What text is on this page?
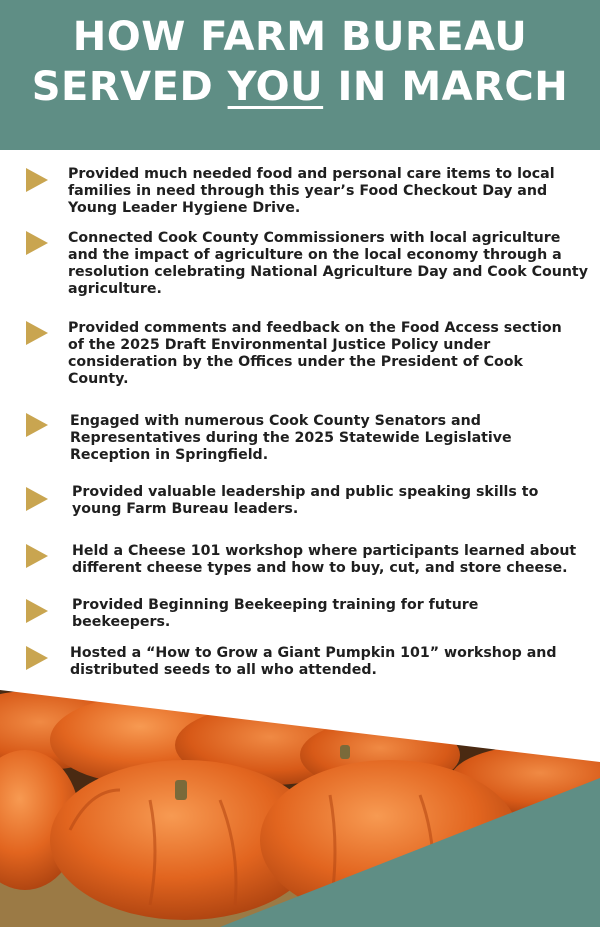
HOW FARM BUREAU
SERVED YOU IN MARCH
Provided much needed food and personal care items to local families in need through this year’s Food Checkout Day and Young Leader Hygiene Drive.
Connected Cook County Commissioners with local agriculture and the impact of agriculture on the local economy through a resolution celebrating National Agriculture Day and Cook County agriculture.
Provided comments and feedback on the Food Access section of the 2025 Draft Environmental Justice Policy under consideration by the Offices under the President of Cook County.
Engaged with numerous Cook County Senators and Representatives during the 2025 Statewide Legislative Reception in Springfield.
Provided valuable leadership and public speaking skills to young Farm Bureau leaders.
Held a Cheese 101 workshop where participants learned about different cheese types and how to buy, cut, and store cheese.
Provided Beginning Beekeeping training for future beekeepers.
Hosted a “How to Grow a Giant Pumpkin 101” workshop and distributed seeds to all who attended.
